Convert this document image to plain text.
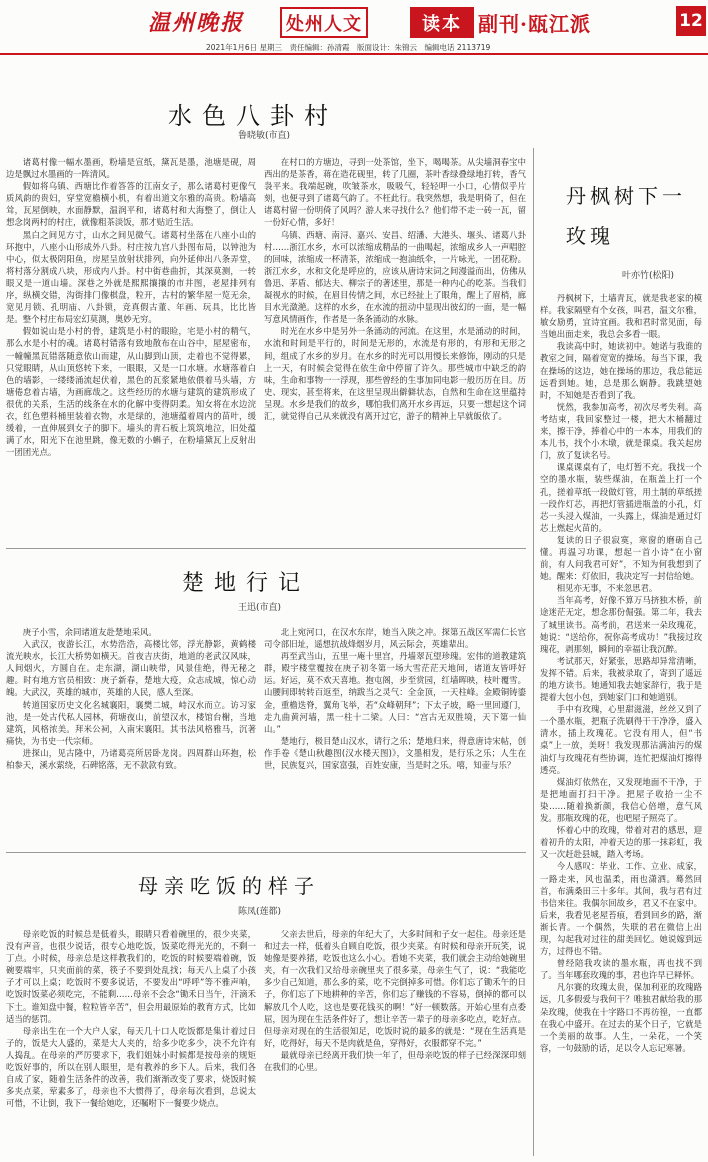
温州晚报 处州人文	读本 副刊·瓯江派	12
2021年1月6日 星期三　责任编辑：孙清霞　版面设计：朱锦云　编辑电话 2113719
水色八卦村
鲁晓敏(市直)

诸葛村像一幅水墨画，粉墙是宣纸，黛瓦是墨，池塘是砚，周边是飘过水墨画的一阵清风。

假如将乌镇、西塘比作着答答的江南女子，那么诸葛村更像气质风韵的贵妇，穿堂宽檐横小机，有着出道文尔雅的高贵。粉墙高耸，瓦屋倒映，水面静默，温润平和，诸葛村和大海整了，倒让人想念岗两村的村庄，就像粗茶淡饭，那才贴近生活。

黑白之间见方寸，山水之间见微气。诸葛村坐落在八座小山的环抱中，八座小山形成外八卦。村庄按九宫八卦图布局，以钟池为中心，似太极阴阳鱼，房屋呈放射状排列，向外延伸出八条弄堂，将村落分割成八块，形成内八卦。村中街巷曲折，其深莫测，一转眼又是一道山墙。深巷之外就是熙熙攘攘的市井图，老屋排列有序，纵横交错，沟街排门像棋盘，粒开，古村的繁华屋一览无余，宽见月锁、孔明庙、八卦锁，竞真假古董、年画、玩具，比比皆是。整个村庄布局宏幻莫测，奥妙无穷。

假如说山是小村的骨，建筑是小村的眼睑，宅是小村的精气，那么水是小村的魂。诸葛村错落有致地散布在山谷中，屋屋密布，一幢幢黑瓦错落随意依山而建，从山脚到山顶，走着也不觉得累，只觉眼睛，从山顶悠转下来，一眼眼，又是一口水塘。水塘落着白色的墙影，一缕缕涌流起伏着，黑色的瓦浆紧地依偎着马头墙，方塘倦怠着古墙，为画廊哉之。这些经历的水塘与建筑的建筑形成了很优的关系，生活的线条在水的化解中变得阴柔。知女将在水边浣衣，红色塑料桶里装着衣物，水是绿的，池塘蕴着周内的苗叶，缓缓着，一直伸展到女子的脚下。墙头的青石板上筑筑地泣，旧处蕴满了水，阳光下在池里跳，像无数的小蝌子，在粉墙黛瓦上反射出一团团光点。

在村口的方塘边，寻到一处茶馆，坐下，喝喝茶。从尖墙洞春宝中西出的是茶香，蒋在造花砚里，转了几圈，茶叶香绿叠绿地打转，香气袅平来。我端起碗，吹皱茶水，吸吸气，轻轻呷一小口，心情似乎片刻，也便寻到了诸葛气韵了。不枉此行。我突然想，我是明倚了，但在诸葛村留一份明倚了风吗？游人来寻找什么？他们带不走一砖一瓦，留一份好心情，多好！

乌镇、西塘、南浔、嘉兴、安昌、绍潘、大港头、堰头、诸葛八卦村……浙江水乡，水可以浓缩成精品的一曲喝起，浓缩成乡人一声唱腔的回味，浓缩成一杯清茶，浓缩成一抱油纸伞，一片咏光，一团花粉。浙江水乡，水和文化是呼应的，应该从唐诗宋词之间漫溢而出，仿佛从鲁迅、茅盾、郁达夫、柳宗子的著述里，那是一种内心的吃茶。当我们凝视水的时候，在眉目传情之间，水已经扯上了眼角，醒上了眉梢，廊目水光潋滟。这样的水乡，在水流的扭动中显现出彼幻的一面，是一幅写意风情画作，作者是一条条涌动的水脉。

时光在水乡中是另外一条涌动的河流。在这里，水是涌动的时间，水流和时间是平行的，时间是无形的，水流是有形的，有形和无形之间，组成了水乡的岁月。在水乡的时光可以用慢长来修饰，刚动的只是上一天，有时候会觉得在依生命中停留了许久。那些城市中缺乏的韵味，生命和事物一一浮现，那些曾经的生事加同电影一般历历在目。历史、现实，甚至将来，在这里呈现出僻僻状态，自然和生命在这里蕴持呈现。水乡是我们的故乡，哪怕我们离开水乡再远，只要一想起这个词汇，就觉得自己从来就没有离开过它，游子的精神上早就皈依了。

楚地行记
王迅(市直)

庚子小雪，余同诸道友赴楚地采风。

入武汉，夜游长江，水势浩浩，高楼比邻，浮光静影，黄鹤楼流光映水，长江大桥势如横天。首夜吉庆街，地道的老武汉风味，人间烟火，方圆自在。走东湖，湖山映带，风景佳绝，得无秘之趣。时有地方官员相致：庚子新春，楚地大疫，众志成城，惊心动魄。大武汉，英雄的城市，英雄的人民，感人至深。

转道国家历史文化名城襄阳，襄樊二城，峙汉水而立。访习家池，是一处古代私人园林，荷塘夜山，前望汉水，楼馆台榭，当地建筑，风格浓美。拜米公祠，入南宋襄阳。其书法风格雅马，沉著痛快，为书史一代宗师。

进探山，见古隆中，乃诸葛亮所居卧龙岗。四周群山环抱，松柏参天，溪水萦绕，石碑铭落，无不款款有致。

北上宛河口，在汉水东岸，她当入陕之冲。探第五战区军需仁长官司令部旧址，遥想抗战烽烟岁月，风云际会，英雄辈出。

再至武当山，五里一庵十里宫，丹墙翠瓦望珍瑰。宏伟的道教建筑群，殿宇楼堂覆按在庚子初冬第一场大雪茫茫天地间，诸道友皆呼好运。好运，莫不欢天喜地。抱屯阁，步至赏园，红墙晖映，枝叶覆雪。山腰间即转转百返至，纳跋当之灵气：全金顶，一天柱峰。金殿铜铸鎏金，重檐迭脊，翼角飞举，若“众峰朝拜”；下太子坡，略一里回遵门，走九曲黄河墙，黑一柱十二梁。人曰：“宫古无双胜境，天下第一仙山。”

楚地行，极目楚山汉水，请行之乐；楚地归来，得意唐诗宋帖，创作手卷《楚山秋趣图(汉水楼天图)》，文墨相发，是行乐之乐；人生在世，民族复兴，国家富强，百姓安康，当是时之乐。嘻，知壶与乐？

母亲吃饭的样子
陈凤(莲都)

母亲吃饭的时候总是低着头，眼睛只看着碗里的，很少夹菜，没有声音，也很少说话，很专心地吃饭，饭菜吃得光光的，不剩一丁点。小时候，母亲总是这样教我们的，吃饭的时候要端着碗，饭碗要端牢，只夹面前的菜，筷子不要到处乱找；每天八上桌了小孩子才可以上桌；吃饭时不要多说话，不要发出“呼呼”等不雅声响，吃饭时饭菜必须吃完，不能剩……母亲不会念“锄禾日当午，汗滴禾下土。谁知盘中餐，粒粒皆辛苦”，但会用最原始的教育方式，比如适当的惩罚。

母亲出生在一个大户人家，每天几十口人吃饭都是集计着过日子的，饭是大人盛的，菜是大人夹的，给多少吃多少，决不允许有人捣乱。在母亲的严厉要求下，我们姐妹小时候都是按母亲的规矩吃饭好事的，所以在别人眼里，是有教养的乡下人。后来，我们各自成了家，随着生活条件的改善，我们渐渐改变了要求，烧饭时候多夹点菜，荤素多了，母亲也不大惯得了，母亲每次看到，总说太可惜，不让倒，我下一餐给她吃，还嘱咐下一餐要少烧点。

父亲去世后，母亲的年纪大了，大多时间和子女一起住。母亲还是和过去一样，低着头自顾自吃饭，很少夹菜。有时候和母亲开玩笑，说她像是要养猪，吃饭也这么小心。看她不夹菜，我们就会主动给她碗里夹，有一次我们又给母亲碗里夹了很多菜，母亲生气了，说：“我能吃多少自己知道，那么多的菜，吃不完倒掉多可惜。你们忘了锄禾午的日子，你们忘了下地耕种的辛苦，你们忘了赚钱的不容易，倒掉的都可以解放几个人吃，这也是要花钱买的啊！”好一顿数落。开始心里有点委屈，因为现在生活条件好了，想让辛苦一辈子的母亲多吃点，吃好点。但母亲对现在的生活很知足，吃饭时说的最多的就是：“现在生活真是好，吃得好，每天不是肉就是鱼，穿得好，衣服都穿不完。”

最就母亲已经离开我们快一年了，但母亲吃饭的样子已经深深印刻在我们的心里。

丹枫树下一玫瑰
叶亦竹(松阳)

丹枫树下，土墙青瓦，就是我老家的模样。我家隔壁有个女孩，叫君，温文尔雅，敏女励勇，宜诗宜画。我和君时常见面，每当她出面走来，我总会多看一眼。

我读高中时，她读初中。她诺与我谁的教室之间，隔着宽宽的操场。每当下课，我在操场的这边，她在操场的那边，我总能远远看到她。她，总是那么娴静。我跳望她时，不知她是否看到了我。

恍然，我参加高考，初次尽考失利。高考结束，我回家整过一楼，把大木桶翻过来，擦干净，捧着心中的一本本，用我们的本儿书，找个小木墩，就是课桌。我关起房门，放了复读名号。

课桌课桌有了，电灯暂不充。我找一个空的墨水瓶，装些煤油，在瓶盖上打一个孔，搓着草纸一段做灯管，用土制的草纸搓一段作灯芯，再把灯管插进瓶盖的小孔，灯芯一头浸入煤油，一头露上，煤油是通过灯芯上燃起火苗的。

复读的日子很寂寞，寒窗的磨砺自己懂。再温习功课，想起一首小诗“在小窗前，有人问我君可好”，不知为何我想到了她。醒来：灯依旧，我决定写一封信给她。

相见亦无事，不来忽思君。

当年高考，好像不算万马挤独木桥，前途迷茫无定，想念那份倔强。第二年，我去了城里读书。高考前，君送来一朵玫瑰花，她说：“送给你，祝你高考成功！”我接过玫瑰花，剥那刻，瞬间的幸福让我沉醉。

考试那天，好紧张，思路却异常清晰，发挥不错。后来，我被录取了，寄到了遥远的地方读书。她通知我去她家辞行，我于是提着大包小包，到她家门口和她道别。

手中有玫瑰，心里甜滋滋，丝丝又到了一个墨水瓶，把瓶子洗刷得干干净净，盛入清水，插上玫瑰花。它没有用人，但“书桌”上一放，美呀！我发现那沾满油污的煤油灯与玫瑰花有些协调，连忙把煤油灯擦得透亮。

煤油灯依然在，又发现地面不干净，于是把地面打扫干净。把屋子收拾一尘不染……随着换新颜，我信心倍增，意气风发。那瓶玫瑰的花，也吧屋子照亮了。

怀着心中的玫瑰，带着对君的感思，迎着初升的太阳，冲着天边的那一抹彩虹，我又一次赶赴县城，踏入考场。

今人感叹：毕业、工作、立业、成家，一路走来，风也温柔，雨也潇洒。蓦然回首，布满桑田三十多年。其间，我与君有过书信来往。我偶尔回故乡，君又不在家中。后来，我看见老屋苔痕，看到回乡的路，渐渐长青。一个偶然，失联的君在微信上出现，勾起我对过往的甜美回忆。她说嫁到远方，过得也不错。

曾经陪我攻读的墨水瓶，再也找不到了。当年哪套玫瑰的事，君也许早已释怀。

凡尔赛的玫瑰太贵，保加利亚的玫瑰路远，几多假爱与我何干？唯独君献给我的那朵玫瑰，使我在十字路口不再彷徨，一直都在我心中盛开。在过去的某个日子，它就是一个美丽的故事。人生，一朵花，一个笑容，一句鼓励的话，足以令人忘记寒暑。
